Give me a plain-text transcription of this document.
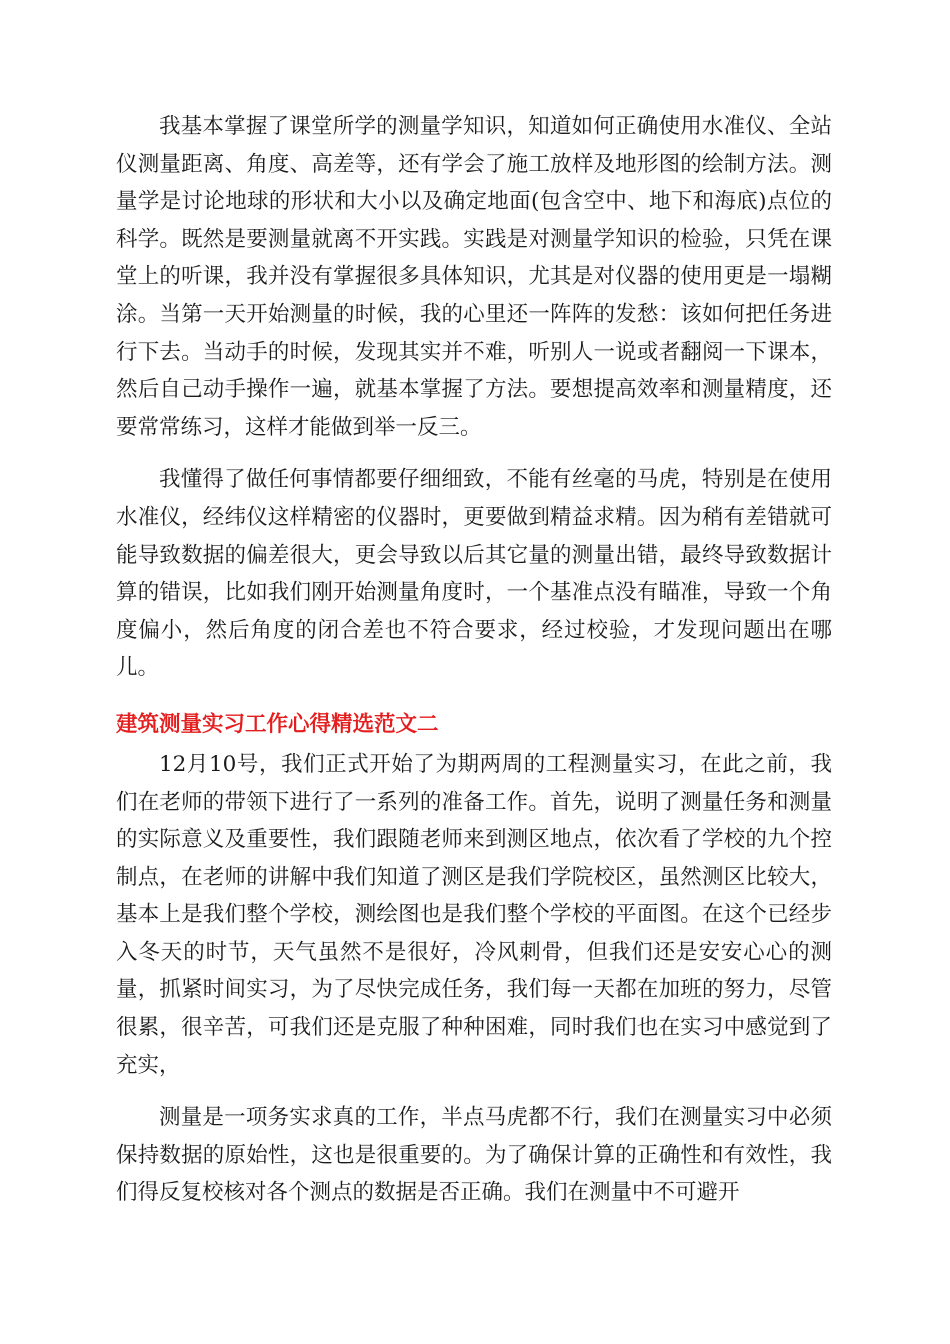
我基本掌握了课堂所学的测量学知识，知道如何正确使用水准仪、全站仪测量距离、角度、高差等，还有学会了施工放样及地形图的绘制方法。测量学是讨论地球的形状和大小以及确定地面(包含空中、地下和海底)点位的科学。既然是要测量就离不开实践。实践是对测量学知识的检验，只凭在课堂上的听课，我并没有掌握很多具体知识，尤其是对仪器的使用更是一塌糊涂。当第一天开始测量的时候，我的心里还一阵阵的发愁：该如何把任务进行下去。当动手的时候，发现其实并不难，听别人一说或者翻阅一下课本，然后自己动手操作一遍，就基本掌握了方法。要想提高效率和测量精度，还要常常练习，这样才能做到举一反三。

我懂得了做任何事情都要仔细细致，不能有丝毫的马虎，特别是在使用水准仪，经纬仪这样精密的仪器时，更要做到精益求精。因为稍有差错就可能导致数据的偏差很大，更会导致以后其它量的测量出错，最终导致数据计算的错误，比如我们刚开始测量角度时，一个基准点没有瞄准，导致一个角度偏小，然后角度的闭合差也不符合要求，经过校验，才发现问题出在哪儿。

建筑测量实习工作心得精选范文二

12月10号，我们正式开始了为期两周的工程测量实习，在此之前，我们在老师的带领下进行了一系列的准备工作。首先，说明了测量任务和测量的实际意义及重要性，我们跟随老师来到测区地点，依次看了学校的九个控制点，在老师的讲解中我们知道了测区是我们学院校区，虽然测区比较大，基本上是我们整个学校，测绘图也是我们整个学校的平面图。在这个已经步入冬天的时节，天气虽然不是很好，冷风刺骨，但我们还是安安心心的测量，抓紧时间实习，为了尽快完成任务，我们每一天都在加班的努力，尽管很累，很辛苦，可我们还是克服了种种困难，同时我们也在实习中感觉到了充实，

测量是一项务实求真的工作，半点马虎都不行，我们在测量实习中必须保持数据的原始性，这也是很重要的。为了确保计算的正确性和有效性，我们得反复校核对各个测点的数据是否正确。我们在测量中不可避开
